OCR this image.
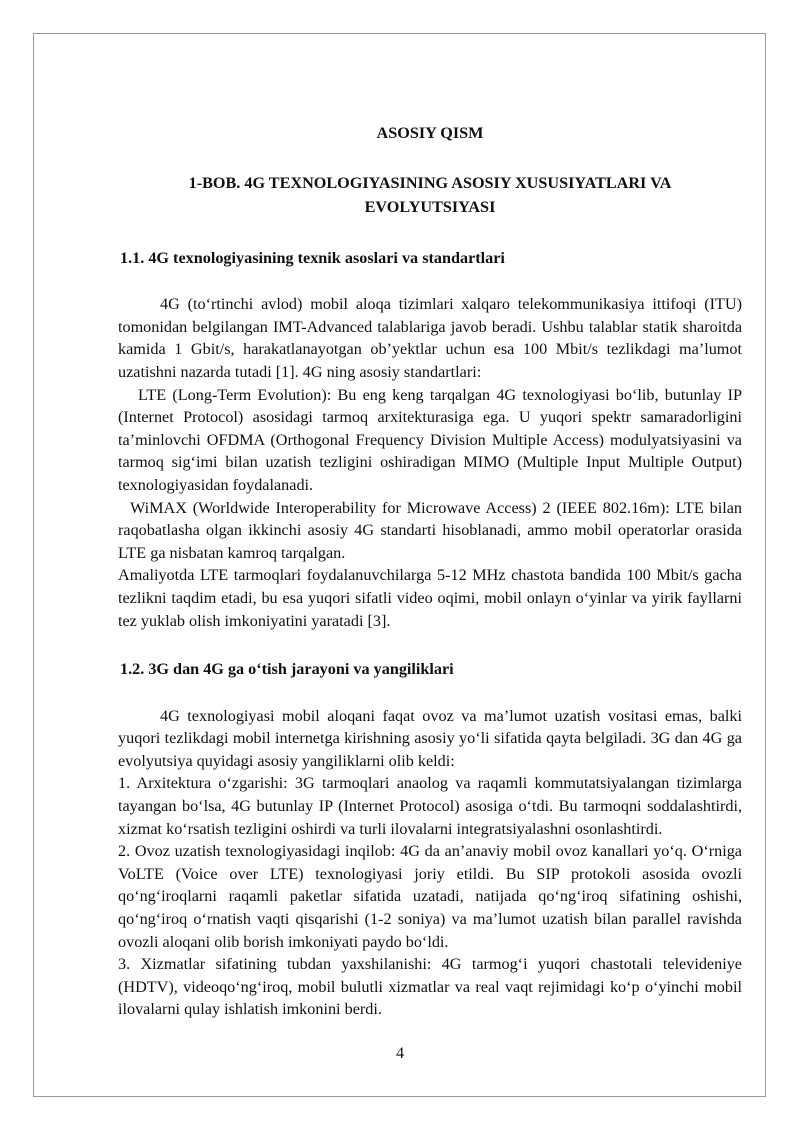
ASOSIY QISM
1-BOB. 4G TEXNOLOGIYASINING ASOSIY XUSUSIYATLARI VA EVOLYUTSIYASI
1.1. 4G texnologiyasining texnik asoslari va standartlari

4G (to‘rtinchi avlod) mobil aloqa tizimlari xalqaro telekommunikasiya ittifoqi (ITU) tomonidan belgilangan IMT-Advanced talablariga javob beradi. Ushbu talablar statik sharoitda kamida 1 Gbit/s, harakatlanayotgan ob’yektlar uchun esa 100 Mbit/s tezlikdagi ma’lumot uzatishni nazarda tutadi [1]. 4G ning asosiy standartlari:

LTE (Long-Term Evolution): Bu eng keng tarqalgan 4G texnologiyasi bo‘lib, butunlay IP (Internet Protocol) asosidagi tarmoq arxitekturasiga ega. U yuqori spektr samaradorligini ta’minlovchi OFDMA (Orthogonal Frequency Division Multiple Access) modulyatsiyasini va tarmoq sig‘imi bilan uzatish tezligini oshiradigan MIMO (Multiple Input Multiple Output) texnologiyasidan foydalanadi.

WiMAX (Worldwide Interoperability for Microwave Access) 2 (IEEE 802.16m): LTE bilan raqobatlasha olgan ikkinchi asosiy 4G standarti hisoblanadi, ammo mobil operatorlar orasida LTE ga nisbatan kamroq tarqalgan.

Amaliyotda LTE tarmoqlari foydalanuvchilarga 5-12 MHz chastota bandida 100 Mbit/s gacha tezlikni taqdim etadi, bu esa yuqori sifatli video oqimi, mobil onlayn o‘yinlar va yirik fayllarni tez yuklab olish imkoniyatini yaratadi [3].

1.2. 3G dan 4G ga o‘tish jarayoni va yangiliklari

4G texnologiyasi mobil aloqani faqat ovoz va ma’lumot uzatish vositasi emas, balki yuqori tezlikdagi mobil internetga kirishning asosiy yo‘li sifatida qayta belgiladi. 3G dan 4G ga evolyutsiya quyidagi asosiy yangiliklarni olib keldi:

1. Arxitektura o‘zgarishi: 3G tarmoqlari anaolog va raqamli kommutatsiyalangan tizimlarga tayangan bo‘lsa, 4G butunlay IP (Internet Protocol) asosiga o‘tdi. Bu tarmoqni soddalashtirdi, xizmat ko‘rsatish tezligini oshirdi va turli ilovalarni integratsiyalashni osonlashtirdi.

2. Ovoz uzatish texnologiyasidagi inqilob: 4G da an’anaviy mobil ovoz kanallari yo‘q. O‘rniga VoLTE (Voice over LTE) texnologiyasi joriy etildi. Bu SIP protokoli asosida ovozli qo‘ng‘iroqlarni raqamli paketlar sifatida uzatadi, natijada qo‘ng‘iroq sifatining oshishi, qo‘ng‘iroq o‘rnatish vaqti qisqarishi (1-2 soniya) va ma’lumot uzatish bilan parallel ravishda ovozli aloqani olib borish imkoniyati paydo bo‘ldi.

3. Xizmatlar sifatining tubdan yaxshilanishi: 4G tarmog‘i yuqori chastotali televideniye (HDTV), videoqo‘ng‘iroq, mobil bulutli xizmatlar va real vaqt rejimidagi ko‘p o‘yinchi mobil ilovalarni qulay ishlatish imkonini berdi.

4
